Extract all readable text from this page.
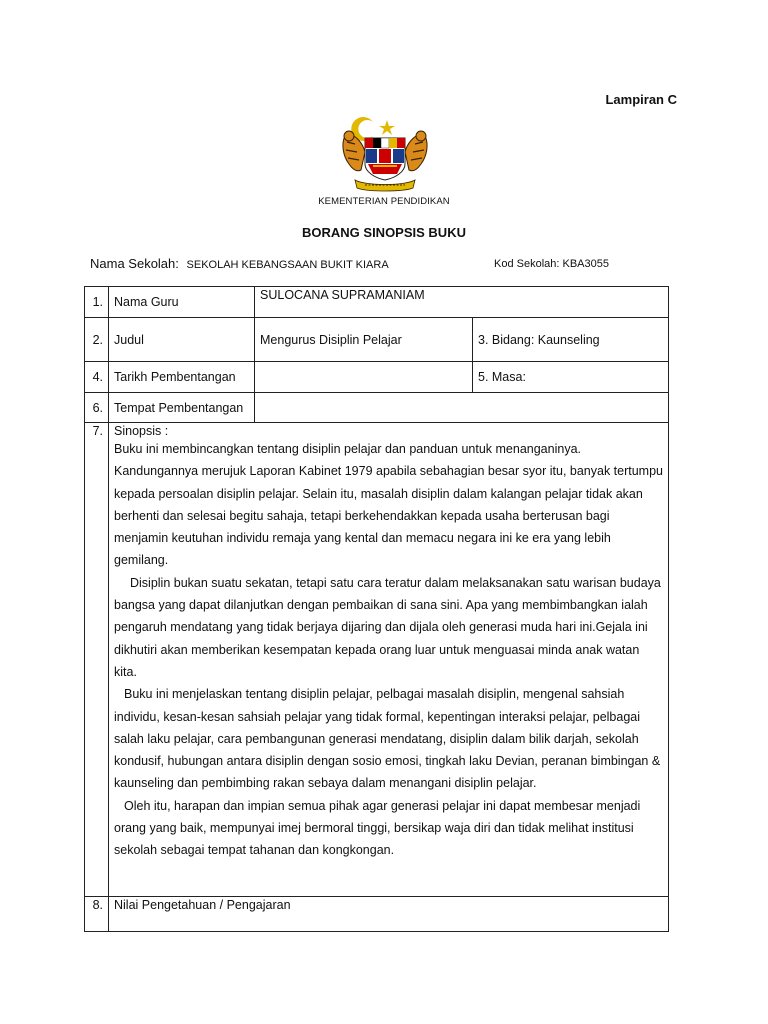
Lampiran C
KEMENTERIAN PENDIDIKAN
BORANG SINOPSIS BUKU
Nama Sekolah: SEKOLAH KEBANGSAAN BUKIT KIARA	Kod Sekolah: KBA3055
1.	Nama Guru	SULOCANA SUPRAMANIAM	
2.	Judul	Mengurus Disiplin Pelajar	3. Bidang: Kaunseling
4.	Tarikh Pembentangan		5. Masa:
6.	Tempat Pembentangan		
7.	Sinopsis :

Buku ini membincangkan tentang disiplin pelajar dan panduan untuk menanganinya. Kandungannya merujuk Laporan Kabinet 1979 apabila sebahagian besar syor itu, banyak tertumpu kepada persoalan disiplin pelajar. Selain itu, masalah disiplin dalam kalangan pelajar tidak akan berhenti dan selesai begitu sahaja, tetapi berkehendakkan kepada usaha berterusan bagi menjamin keutuhan individu remaja yang kental dan memacu negara ini ke era yang lebih gemilang.

Disiplin bukan suatu sekatan, tetapi satu cara teratur dalam melaksanakan satu warisan budaya bangsa yang dapat dilanjutkan dengan pembaikan di sana sini. Apa yang membimbangkan ialah pengaruh mendatang yang tidak berjaya dijaring dan dijala oleh generasi muda hari ini.Gejala ini dikhutiri akan memberikan kesempatan kepada orang luar untuk menguasai minda anak watan kita.

Buku ini menjelaskan tentang disiplin pelajar, pelbagai masalah disiplin, mengenal sahsiah individu, kesan-kesan sahsiah pelajar yang tidak formal, kepentingan interaksi pelajar, pelbagai salah laku pelajar, cara pembangunan generasi mendatang, disiplin dalam bilik darjah, sekolah kondusif, hubungan antara disiplin dengan sosio emosi, tingkah laku Devian, peranan bimbingan & kaunseling dan pembimbing rakan sebaya dalam menangani disiplin pelajar.

Oleh itu, harapan dan impian semua pihak agar generasi pelajar ini dapat membesar menjadi orang yang baik, mempunyai imej bermoral tinggi, bersikap waja diri dan tidak melihat institusi sekolah sebagai tempat tahanan dan kongkongan.		

8.	Nilai Pengetahuan / Pengajaran		
